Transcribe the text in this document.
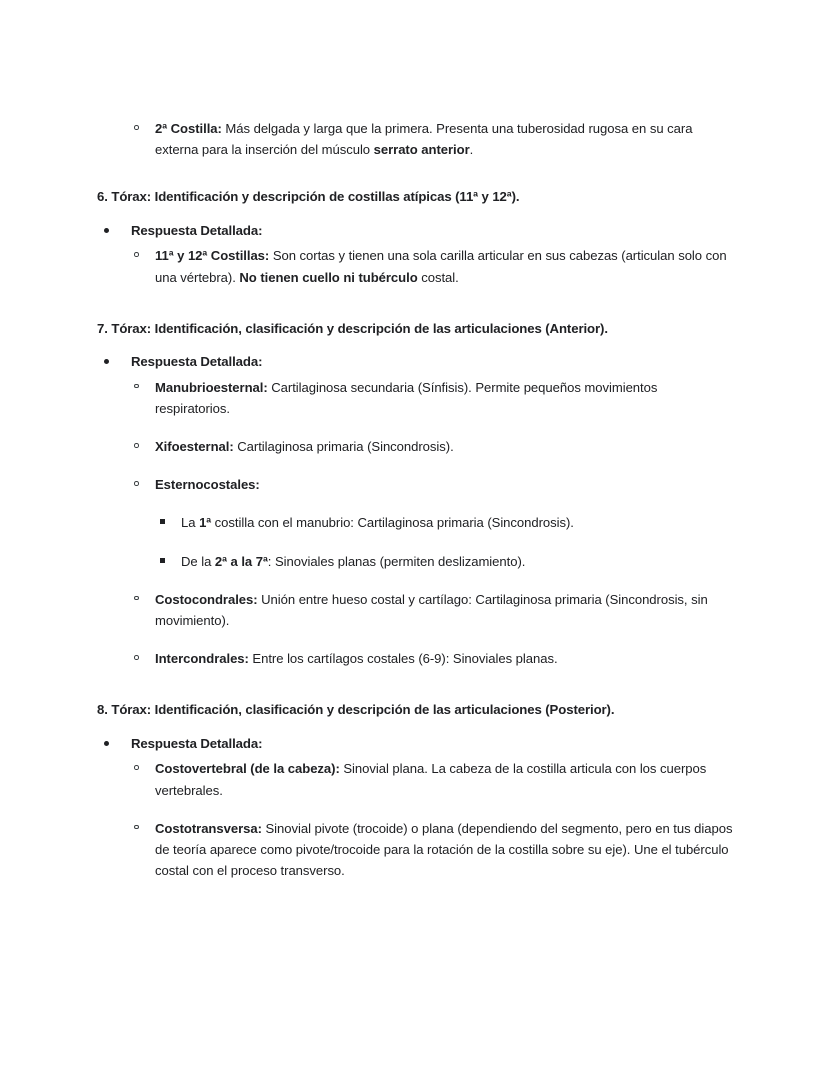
2ª Costilla: Más delgada y larga que la primera. Presenta una tuberosidad rugosa en su cara externa para la inserción del músculo serrato anterior.
6. Tórax: Identificación y descripción de costillas atípicas (11ª y 12ª).
Respuesta Detallada:
11ª y 12ª Costillas: Son cortas y tienen una sola carilla articular en sus cabezas (articulan solo con una vértebra). No tienen cuello ni tubérculo costal.
7. Tórax: Identificación, clasificación y descripción de las articulaciones (Anterior).
Respuesta Detallada:
Manubrioesternal: Cartilaginosa secundaria (Sínfisis). Permite pequeños movimientos respiratorios.
Xifoesternal: Cartilaginosa primaria (Sincondrosis).
Esternocostales:
La 1ª costilla con el manubrio: Cartilaginosa primaria (Sincondrosis).
De la 2ª a la 7ª: Sinoviales planas (permiten deslizamiento).
Costocondrales: Unión entre hueso costal y cartílago: Cartilaginosa primaria (Sincondrosis, sin movimiento).
Intercondrales: Entre los cartílagos costales (6-9): Sinoviales planas.
8. Tórax: Identificación, clasificación y descripción de las articulaciones (Posterior).
Respuesta Detallada:
Costovertebral (de la cabeza): Sinovial plana. La cabeza de la costilla articula con los cuerpos vertebrales.
Costotransversa: Sinovial pivote (trocoide) o plana (dependiendo del segmento, pero en tus diapos de teoría aparece como pivote/trocoide para la rotación de la costilla sobre su eje). Une el tubérculo costal con el proceso transverso.
